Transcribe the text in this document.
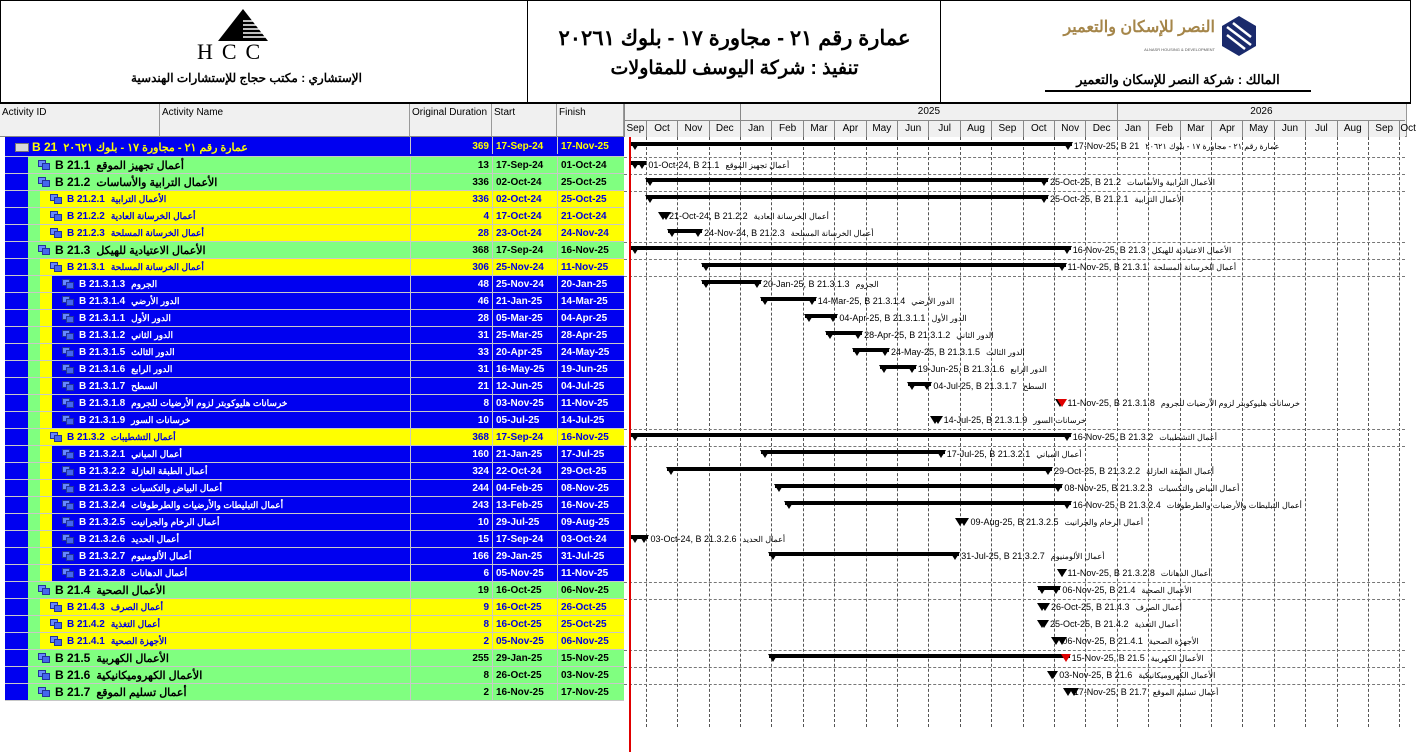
HCC
الإستشاري : مكتب حجاج للإستشارات الهندسية
عمارة رقم ٢١ - مجاورة ١٧ - بلوك ٢٠٢٦١
تنفيذ : شركة اليوسف للمقاولات
النصر للإسكان والتعمير
ALNASR HOUSING & DEVELOPMENT
المالك : شركة النصر للإسكان والتعمير
Activity ID	Activity Name	Original Duration Start	Finish
Sep Oct	Nov	Dec	Jan	Feb	Mar	Apr	May	Jun	Jul	Aug	Sep	Oct	Nov	Dec	Jan	Feb	Mar	Apr	May	Jun	Jul	Aug	Sep Oct
2025	2026
B 21 عمارة رقم ٢١ - مجاورة ١٧ - بلوك ٢٠٦٢١	369 17-Sep-24	17-Nov-25
B 21.1 أعمال تجهيز الموقع	13 17-Sep-24	01-Oct-24
B 21.2 الأعمال الترابية والأساسات	336 02-Oct-24	25-Oct-25
B 21.2.1 الأعمال الترابية	336 02-Oct-24	25-Oct-25
B 21.2.2 أعمال الخرسانة العادية	4 17-Oct-24	21-Oct-24
B 21.2.3 أعمال الخرسانة المسلحة	28 23-Oct-24	24-Nov-24
B 21.3 الأعمال الاعتيادية للهيكل	368 17-Sep-24	16-Nov-25
B 21.3.1 أعمال الخرسانة المسلحة	306 25-Nov-24	11-Nov-25
B 21.3.1.3 الجروم	48 25-Nov-24	20-Jan-25
B 21.3.1.4 الدور الأرضي	46 21-Jan-25	14-Mar-25
B 21.3.1.1 الدور الأول	28 05-Mar-25	04-Apr-25
B 21.3.1.2 الدور الثاني	31 25-Mar-25	28-Apr-25
B 21.3.1.5 الدور الثالث	33 20-Apr-25	24-May-25
B 21.3.1.6 الدور الرابع	31 16-May-25	19-Jun-25
B 21.3.1.7 السطح	21 12-Jun-25	04-Jul-25
B 21.3.1.8 خرسانات هليوكوبتر لزوم الأرضيات للجروم	8 03-Nov-25	11-Nov-25
B 21.3.1.9 خرسانات السور	10 05-Jul-25	14-Jul-25
B 21.3.2 أعمال التشطيبات	368 17-Sep-24	16-Nov-25
B 21.3.2.1 أعمال المباني	160 21-Jan-25	17-Jul-25
B 21.3.2.2 أعمال الطبقة العازلة	324 22-Oct-24	29-Oct-25
B 21.3.2.3 أعمال البياض والتكسيات	244 04-Feb-25	08-Nov-25
B 21.3.2.4 أعمال التبليطات والأرضيات والطرطوفات	243 13-Feb-25	16-Nov-25
B 21.3.2.5 أعمال الرخام والجرانيت	10 29-Jul-25	09-Aug-25
B 21.3.2.6 أعمال الحديد	15 17-Sep-24	03-Oct-24
B 21.3.2.7 أعمال الألومنيوم	166 29-Jan-25	31-Jul-25
B 21.3.2.8 أعمال الدهانات	6 05-Nov-25	11-Nov-25
B 21.4 الأعمال الصحية	19 16-Oct-25	06-Nov-25
B 21.4.3 أعمال الصرف	9 16-Oct-25	26-Oct-25
B 21.4.2 أعمال التغذية	8 16-Oct-25	25-Oct-25
B 21.4.1 الأجهزة الصحية	2 05-Nov-25	06-Nov-25
B 21.5 الأعمال الكهربية	255 29-Jan-25	15-Nov-25
B 21.6 الأعمال الكهروميكانيكية	8 26-Oct-25	03-Nov-25
B 21.7 أعمال تسليم الموقع	2 16-Nov-25	17-Nov-25
17-Nov-25, B 21 عمارة رقم ٢١ - مجاورة ١٧ - بلوك ٢٠٦٢١
01-Oct-24, B 21.1 أعمال تجهيز الموقع
25-Oct-25, B 21.2 الأعمال الترابية والأساسات
25-Oct-25, B 21.2.1 الأعمال الترابية
21-Oct-24, B 21.2.2 أعمال الخرسانة العادية
24-Nov-24, B 21.2.3 أعمال الخرسانة المسلحة
16-Nov-25, B 21.3 الأعمال الاعتيادية للهيكل
11-Nov-25, B 21.3.1 أعمال الخرسانة المسلحة
20-Jan-25, B 21.3.1.3 الجروم
14-Mar-25, B 21.3.1.4 الدور الأرضي
04-Apr-25, B 21.3.1.1 الدور الأول
28-Apr-25, B 21.3.1.2 الدور الثاني
24-May-25, B 21.3.1.5 الدور الثالث
19-Jun-25, B 21.3.1.6 الدور الرابع
04-Jul-25, B 21.3.1.7 السطح
11-Nov-25, B 21.3.1.8 خرسانات هليوكوبتر لزوم الأرضيات للجروم
14-Jul-25, B 21.3.1.9 خرسانات السور
16-Nov-25, B 21.3.2 أعمال التشطيبات
17-Jul-25, B 21.3.2.1 أعمال المباني
29-Oct-25, B 21.3.2.2 أعمال الطبقة العازلة
08-Nov-25, B 21.3.2.3 أعمال البياض والتكسيات
16-Nov-25, B 21.3.2.4 أعمال التبليطات والأرضيات والطرطوفات
09-Aug-25, B 21.3.2.5 أعمال الرخام والجرانيت
03-Oct-24, B 21.3.2.6 أعمال الحديد
31-Jul-25, B 21.3.2.7 أعمال الألومنيوم
11-Nov-25, B 21.3.2.8 أعمال الدهانات
06-Nov-25, B 21.4 الأعمال الصحية
26-Oct-25, B 21.4.3 أعمال الصرف
25-Oct-25, B 21.4.2 أعمال التغذية
06-Nov-25, B 21.4.1 الأجهزة الصحية
15-Nov-25, B 21.5 الأعمال الكهربية
03-Nov-25, B 21.6 الأعمال الكهروميكانيكية
17-Nov-25, B 21.7 أعمال تسليم الموقع
